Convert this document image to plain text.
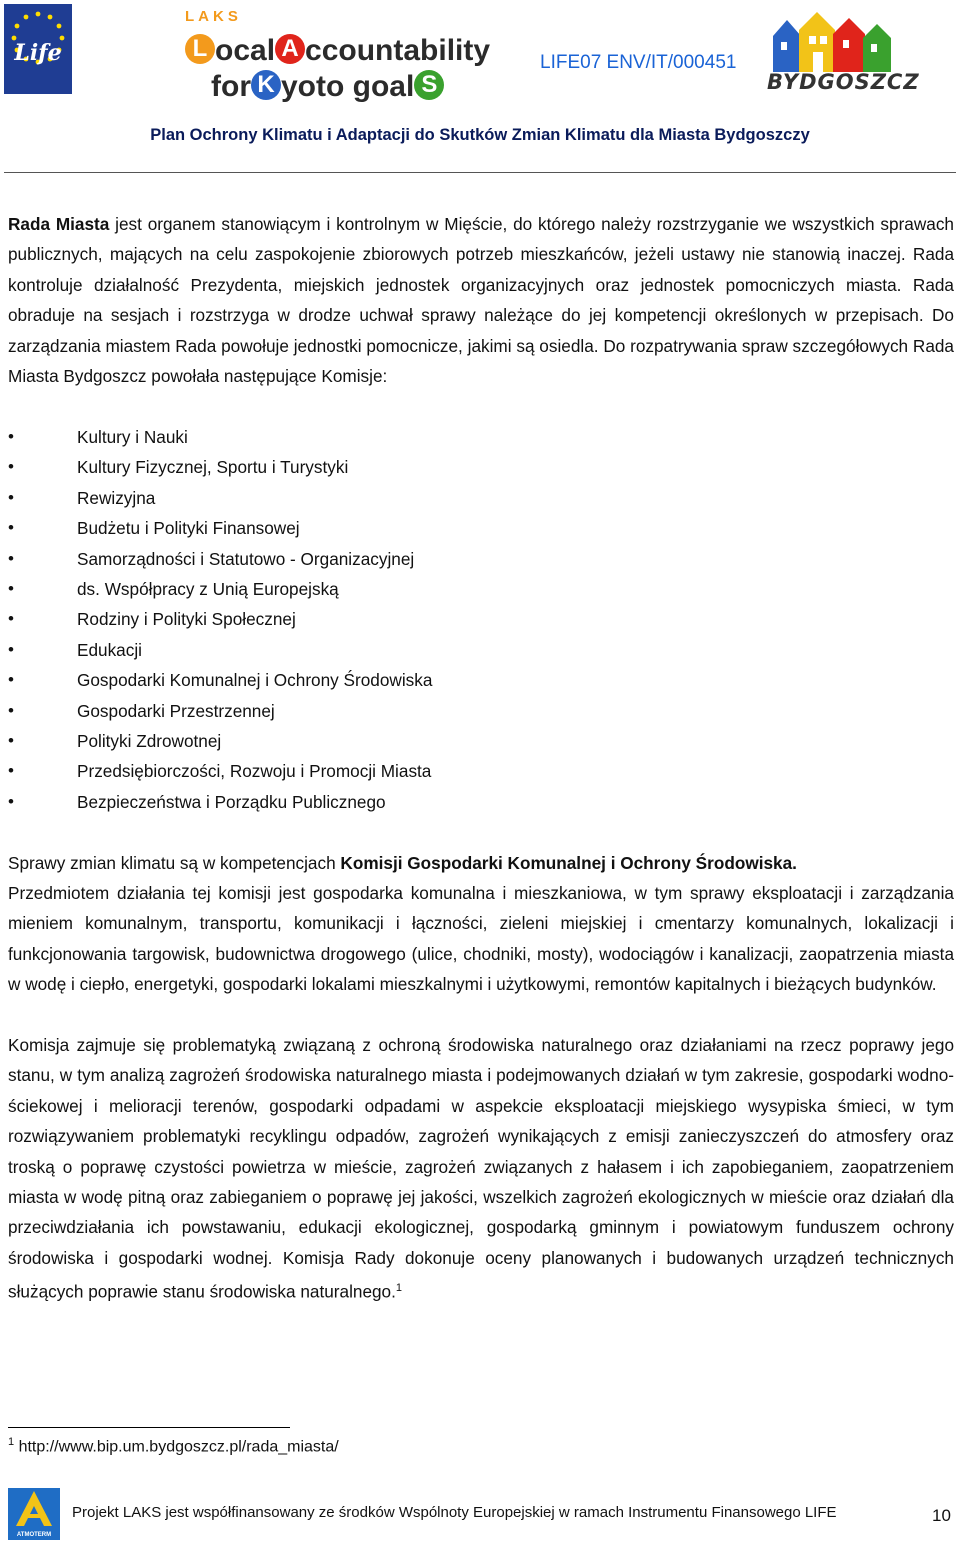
Life
LAKS
L ocal A ccountability
for K yoto goal S
LIFE07 ENV/IT/000451
BYDGOSZCZ
Plan Ochrony Klimatu i Adaptacji do Skutków Zmian Klimatu dla Miasta Bydgoszczy
Rada Miasta jest organem stanowiącym i kontrolnym w Mięście, do którego należy rozstrzyganie we wszystkich sprawach publicznych, mających na celu zaspokojenie zbiorowych potrzeb mieszkańców, jeżeli ustawy nie stanowią inaczej. Rada kontroluje działalność Prezydenta, miejskich jednostek organizacyjnych oraz jednostek pomocniczych miasta. Rada obraduje na sesjach i rozstrzyga w drodze uchwał sprawy należące do jej kompetencji określonych w przepisach. Do zarządzania miastem Rada powołuje jednostki pomocnicze, jakimi są osiedla. Do rozpatrywania spraw szczegółowych Rada Miasta Bydgoszcz powołała następujące Komisje:
• Kultury i Nauki
• Kultury Fizycznej, Sportu i Turystyki
• Rewizyjna
• Budżetu i Polityki Finansowej
• Samorządności i Statutowo - Organizacyjnej
• ds. Współpracy z Unią Europejską
• Rodziny i Polityki Społecznej
• Edukacji
• Gospodarki Komunalnej i Ochrony Środowiska
• Gospodarki Przestrzennej
• Polityki Zdrowotnej
• Przedsiębiorczości, Rozwoju i Promocji Miasta
• Bezpieczeństwa i Porządku Publicznego
Sprawy zmian klimatu są w kompetencjach Komisji Gospodarki Komunalnej i Ochrony Środowiska.
Przedmiotem działania tej komisji jest gospodarka komunalna i mieszkaniowa, w tym sprawy eksploatacji i zarządzania mieniem komunalnym, transportu, komunikacji i łączności, zieleni miejskiej i cmentarzy komunalnych, lokalizacji i funkcjonowania targowisk, budownictwa drogowego (ulice, chodniki, mosty), wodociągów i kanalizacji, zaopatrzenia miasta w wodę i ciepło, energetyki, gospodarki lokalami mieszkalnymi i użytkowymi, remontów kapitalnych i bieżących budynków.
Komisja zajmuje się problematyką związaną z ochroną środowiska naturalnego oraz działaniami na rzecz poprawy jego stanu, w tym analizą zagrożeń środowiska naturalnego miasta i podejmowanych działań w tym zakresie, gospodarki wodno-ściekowej i melioracji terenów, gospodarki odpadami w aspekcie eksploatacji miejskiego wysypiska śmieci, w tym rozwiązywaniem problematyki recyklingu odpadów, zagrożeń wynikających z emisji zanieczyszczeń do atmosfery oraz troską o poprawę czystości powietrza w mieście, zagrożeń związanych z hałasem i ich zapobieganiem, zaopatrzeniem miasta w wodę pitną oraz zabieganiem o poprawę jej jakości, wszelkich zagrożeń ekologicznych w mieście oraz działań dla przeciwdziałania ich powstawaniu, edukacji ekologicznej, gospodarką gminnym i powiatowym funduszem ochrony środowiska i gospodarki wodnej. Komisja Rady dokonuje oceny planowanych i budowanych urządzeń technicznych służących poprawie stanu środowiska naturalnego.$^1$
$^1$ http://www.bip.um.bydgoszcz.pl/rada_miasta/
ATMOTERM
Projekt LAKS jest współfinansowany ze środków Wspólnoty Europejskiej w ramach Instrumentu Finansowego LIFE	10
